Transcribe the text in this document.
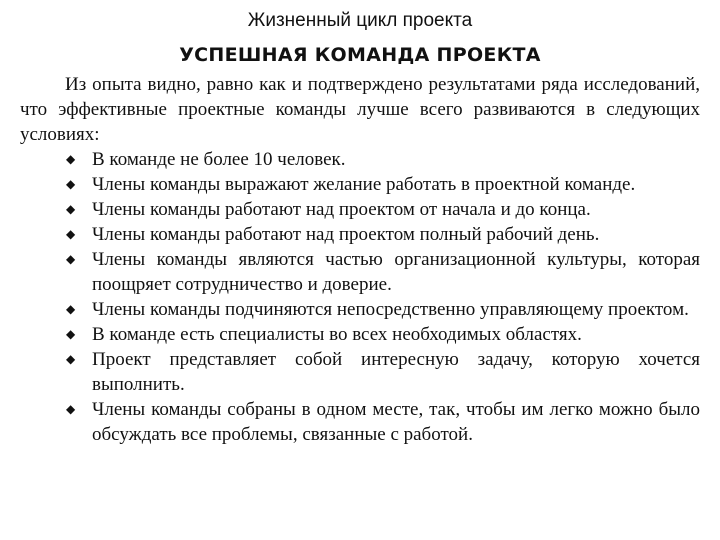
Жизненный цикл проекта
УСПЕШНАЯ КОМАНДА ПРОЕКТА

Из опыта видно, равно как и подтверждено результатами ряда исследований, что эффективные проектные команды лучше всего развиваются в следующих условиях:

◆ В команде не более 10 человек.
◆ Члены команды выражают желание работать в проектной команде.
◆ Члены команды работают над проектом от начала и до конца.
◆ Члены команды работают над проектом полный рабочий день.
◆ Члены команды являются частью организационной культуры, которая поощряет сотрудничество и доверие.
◆ Члены команды подчиняются непосредственно управляющему проектом.
◆ В команде есть специалисты во всех необходимых областях.
◆ Проект представляет собой интересную задачу, которую хочется выполнить.
◆ Члены команды собраны в одном месте, так, чтобы им легко можно было обсуждать все проблемы, связанные с работой.
